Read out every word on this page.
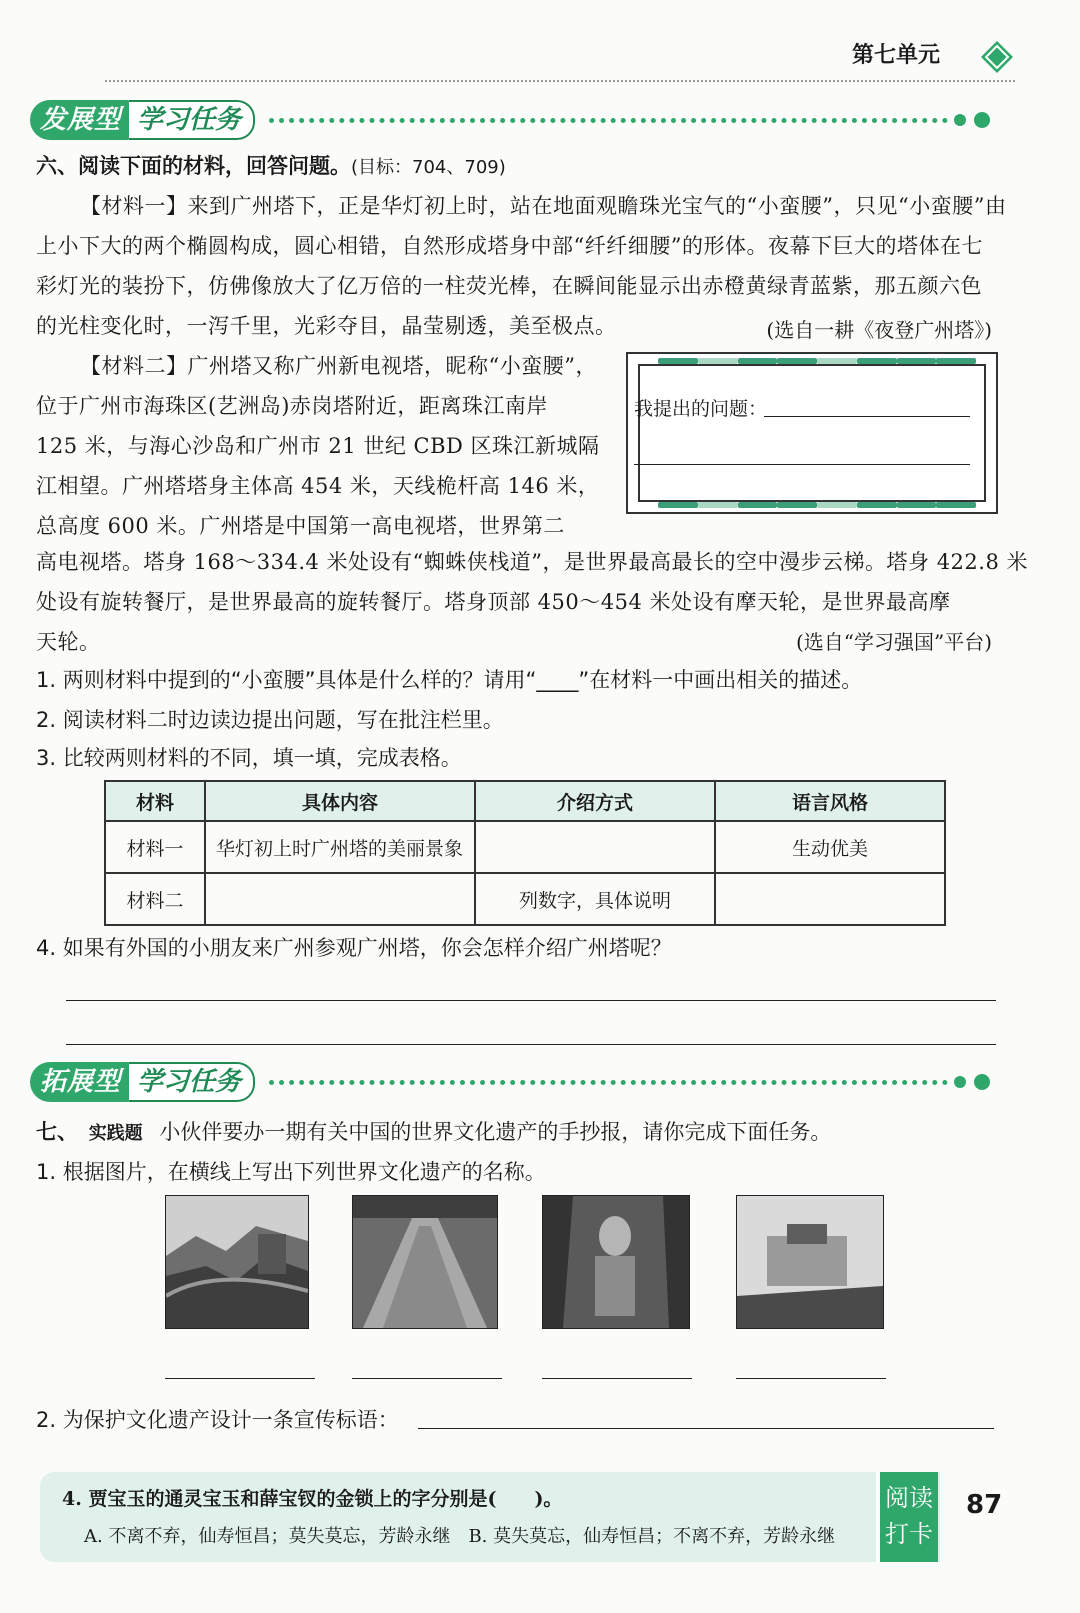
第七单元
发展型 学习任务
六、阅读下面的材料，回答问题。(目标：704、709)
【材料一】来到广州塔下，正是华灯初上时，站在地面观瞻珠光宝气的“小蛮腰”，只见“小蛮腰”由
上小下大的两个椭圆构成，圆心相错，自然形成塔身中部“纤纤细腰”的形体。夜幕下巨大的塔体在七
彩灯光的装扮下，仿佛像放大了亿万倍的一柱荧光棒，在瞬间能显示出赤橙黄绿青蓝紫，那五颜六色
的光柱变化时，一泻千里，光彩夺目，晶莹剔透，美至极点。	(选自一耕《夜登广州塔》)
【材料二】广州塔又称广州新电视塔，昵称“小蛮腰”，
位于广州市海珠区(艺洲岛)赤岗塔附近，距离珠江南岸
125 米，与海心沙岛和广州市 21 世纪 CBD 区珠江新城隔
江相望。广州塔塔身主体高 454 米，天线桅杆高 146 米，
总高度 600 米。广州塔是中国第一高电视塔，世界第二
我提出的问题：
高电视塔。塔身 168～334.4 米处设有“蜘蛛侠栈道”，是世界最高最长的空中漫步云梯。塔身 422.8 米
处设有旋转餐厅，是世界最高的旋转餐厅。塔身顶部 450～454 米处设有摩天轮，是世界最高摩
天轮。	(选自“学习强国”平台)
1. 两则材料中提到的“小蛮腰”具体是什么样的？请用“____”在材料一中画出相关的描述。
2. 阅读材料二时边读边提出问题，写在批注栏里。
3. 比较两则材料的不同，填一填，完成表格。
材料	具体内容	介绍方式	语言风格
材料一	华灯初上时广州塔的美丽景象		生动优美
材料二		列数字，具体说明	
4. 如果有外国的小朋友来广州参观广州塔，你会怎样介绍广州塔呢？
拓展型 学习任务
七、 实践题 小伙伴要办一期有关中国的世界文化遗产的手抄报，请你完成下面任务。
1. 根据图片，在横线上写出下列世界文化遗产的名称。
2. 为保护文化遗产设计一条宣传标语：
4. 贾宝玉的通灵宝玉和薛宝钗的金锁上的字分别是(　　)。
A. 不离不弃，仙寿恒昌；莫失莫忘，芳龄永继　B. 莫失莫忘，仙寿恒昌；不离不弃，芳龄永继
阅读
打卡
87
